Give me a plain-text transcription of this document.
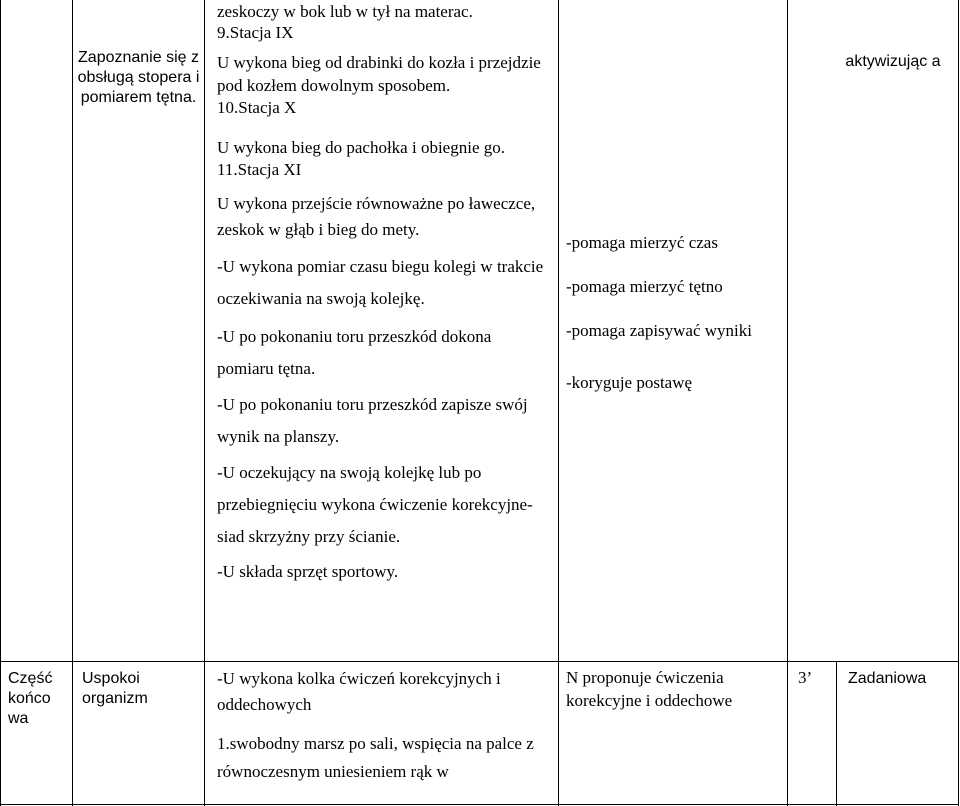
Zapoznanie się z obsługą stopera i pomiarem tętna.

zeskoczy w bok lub w tył na materac.

9.Stacja IX

U wykona bieg od drabinki do kozła i przejdzie pod kozłem dowolnym sposobem.

10.Stacja X

U wykona bieg do pachołka i obiegnie go.

11.Stacja XI

U wykona przejście równoważne po ławeczce, zeskok w głąb i bieg do mety.

-U wykona pomiar czasu biegu kolegi w trakcie oczekiwania na swoją kolejkę.

-U po pokonaniu toru przeszkód dokona pomiaru tętna.

-U po pokonaniu toru przeszkód zapisze swój wynik na planszy.

-U oczekujący na swoją kolejkę lub po przebiegnięciu wykona ćwiczenie korekcyjne- siad skrzyżny przy ścianie.

-U składa sprzęt sportowy.

-pomaga mierzyć czas

-pomaga mierzyć tętno

-pomaga zapisywać wyniki

-koryguje postawę

aktywizując a

Część końco wa

Uspokoi organizm

-U wykona kolka ćwiczeń korekcyjnych i oddechowych

1.swobodny marsz po sali, wspięcia na palce z równoczesnym uniesieniem rąk w

N proponuje ćwiczenia korekcyjne i oddechowe

3’	Zadaniowa
